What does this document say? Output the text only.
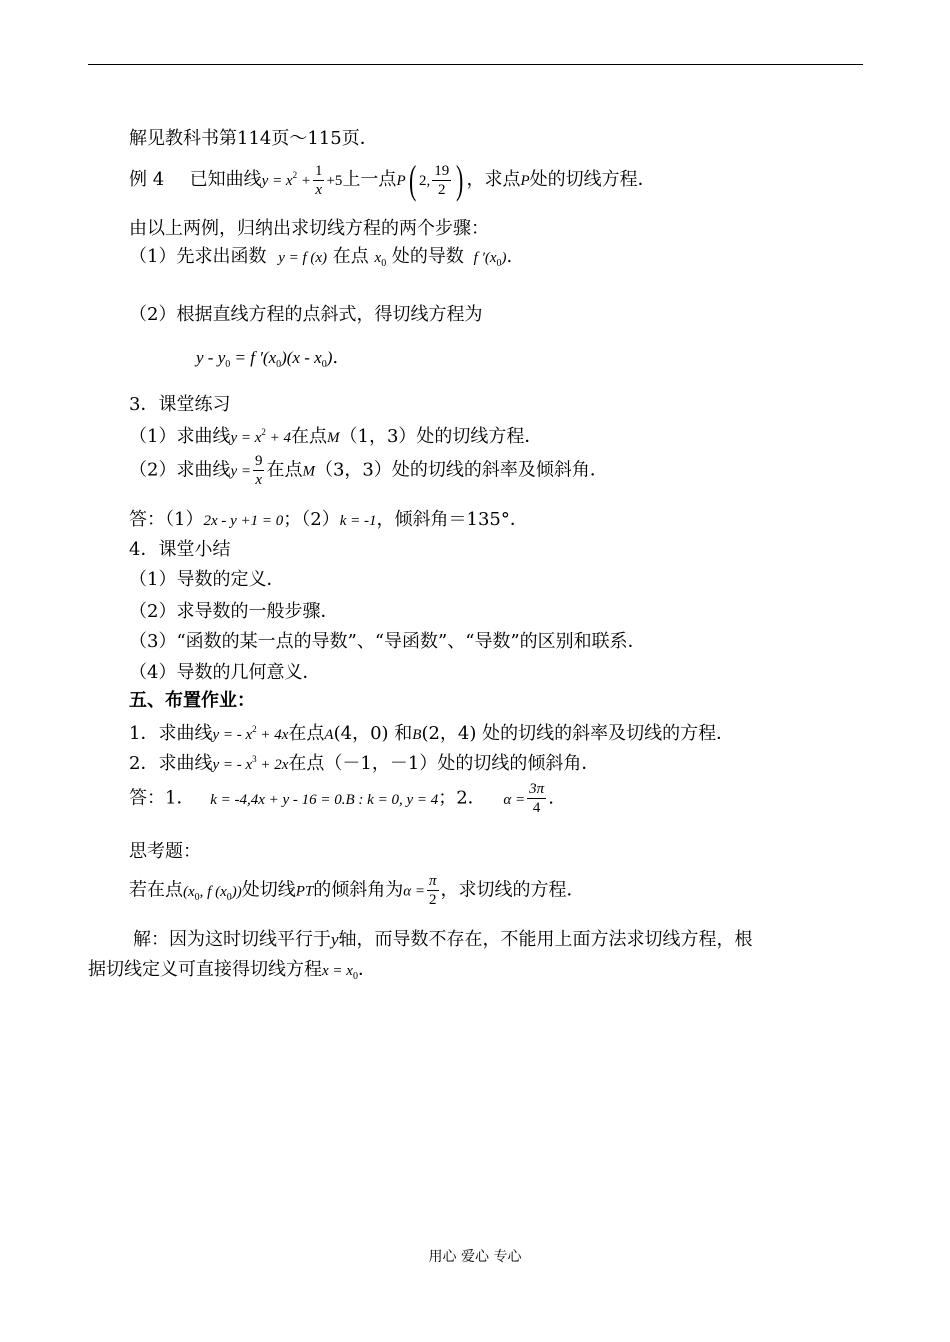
解见教科书第114页～115页．
例 4 已知曲线$y = x^2 + \frac{1}{x} +5$上一点P( 2, $\frac{19}{2}$ ) ，求点P处的切线方程．
由以上两例，归纳出求切线方程的两个步骤：
（1）先求出函数 y = f (x) 在点 $x_0$ 处的导数 f $'(x_0)$.
（2）根据直线方程的点斜式，得切线方程为
$y - y_0 = f$ $'(x_0)(x - x_0)$.
3．课堂练习
（1）求曲线$y = x^2 + 4$在点M（1，3）处的切线方程．
（2）求曲线$y = \frac{9}{x}$ 在点M（3，3）处的切线的斜率及倾斜角．
答：（1）2x - y +1 = 0；（2）k = -1，倾斜角＝135°．
4．课堂小结
（1）导数的定义．
（2）求导数的一般步骤．
（3）“函数的某一点的导数”、“导函数”、“导数”的区别和联系．
（4）导数的几何意义．
五、布置作业：
1．求曲线y = - $x^2 + 4x$在点A(4，0) 和B(2，4) 处的切线的斜率及切线的方程．
2．求曲线y = - $x^3 + 2x$在点（－1，－1）处的切线的倾斜角．
答：1． k = -4,4x + y - 16 = 0.B : k = 0, y = 4；2． $\alpha = \frac{3\pi}{4}$ .
思考题：
若在点($x_0$, f $(x_0)$)处切线PT的倾斜角为$\alpha = \frac{\pi}{2}$ ，求切线的方程．
解：因为这时切线平行于y轴，而导数不存在，不能用上面方法求切线方程，根
据切线定义可直接得切线方程$x = x_0$．
用心 爱心 专心
